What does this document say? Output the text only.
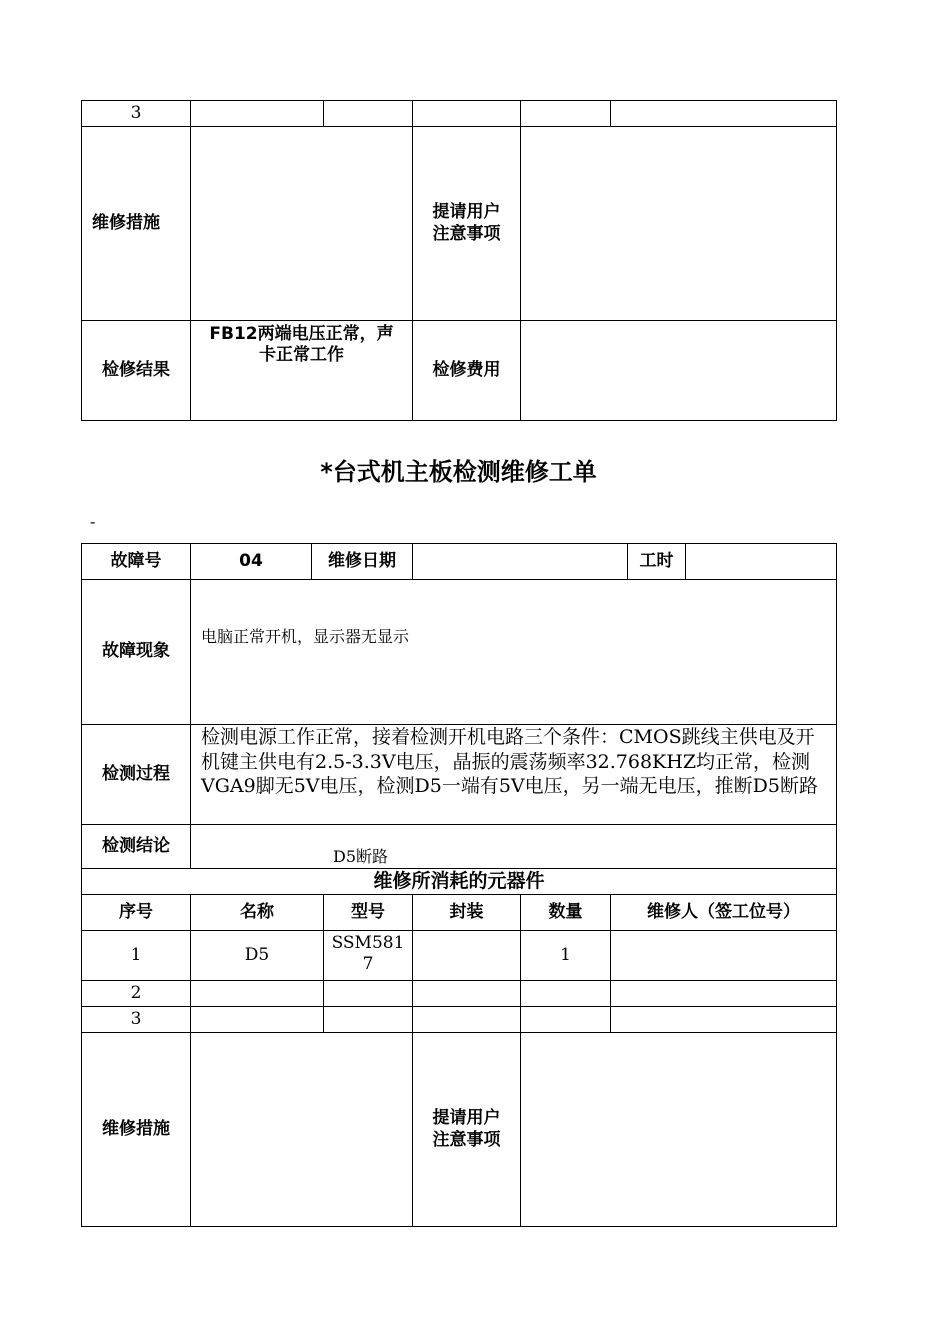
3					
维修措施			提请用户
注意事项		
检修结果	FB12两端电压正常，声卡正常工作		检修费用		
*台式机主板检测维修工单
-
故障号	04	维修日期					工时	
故障现象	电脑正常开机，显示器无显示							
检测过程	检测电源工作正常，接着检测开机电路三个条件：CMOS跳线主供电及开机键主供电有2.5-3.3V电压，晶振的震荡频率32.768KHZ均正常，检测VGA9脚无5V电压，检测D5一端有5V电压，另一端无电压，推断D5断路							
检测结论	D5断路							
维修所消耗的元器件								
序号	名称		型号	封装	数量	维修人（签工位号）		
1	D5		SSM5817		1			
2								
3								
维修措施				提请用户
注意事项				
